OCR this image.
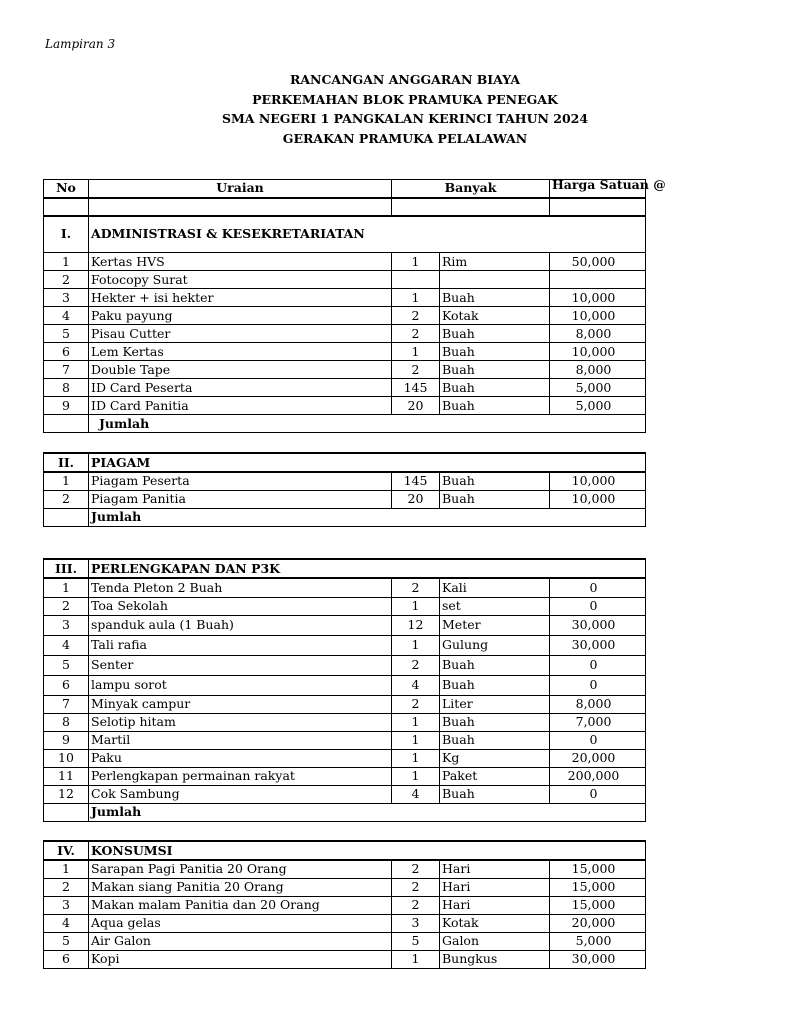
Lampiran 3
RANCANGAN ANGGARAN BIAYA
PERKEMAHAN BLOK PRAMUKA PENEGAK
SMA NEGERI 1 PANGKALAN KERINCI TAHUN 2024
GERAKAN PRAMUKA PELALAWAN
No	Uraian	Banyak		Harga Satuan @

I.	ADMINISTRASI & KESEKRETARIATAN			
1	Kertas HVS	1	Rim	50,000
2	Fotocopy Surat			
3	Hekter + isi hekter	1	Buah	10,000
4	Paku payung	2	Kotak	10,000
5	Pisau Cutter	2	Buah	8,000
6	Lem Kertas	1	Buah	10,000
7	Double Tape	2	Buah	8,000
8	ID Card Peserta	145	Buah	5,000
9	ID Card Panitia	20	Buah	5,000
	Jumlah			
II.	PIAGAM			
1	Piagam Peserta	145	Buah	10,000
2	Piagam Panitia	20	Buah	10,000
	Jumlah			
III.	PERLENGKAPAN DAN P3K			
1	Tenda Pleton 2 Buah	2	Kali	0
2	Toa Sekolah	1	set	0
3	spanduk aula (1 Buah)	12	Meter	30,000
4	Tali rafia	1	Gulung	30,000
5	Senter	2	Buah	0
6	lampu sorot	4	Buah	0
7	Minyak campur	2	Liter	8,000
8	Selotip hitam	1	Buah	7,000
9	Martil	1	Buah	0
10	Paku	1	Kg	20,000
11	Perlengkapan permainan rakyat	1	Paket	200,000
12	Cok Sambung	4	Buah	0
	Jumlah			
IV.	KONSUMSI			
1	Sarapan Pagi Panitia 20 Orang	2	Hari	15,000
2	Makan siang Panitia 20 Orang	2	Hari	15,000
3	Makan malam Panitia dan 20 Orang	2	Hari	15,000
4	Aqua gelas	3	Kotak	20,000
5	Air Galon	5	Galon	5,000
6	Kopi	1	Bungkus	30,000
